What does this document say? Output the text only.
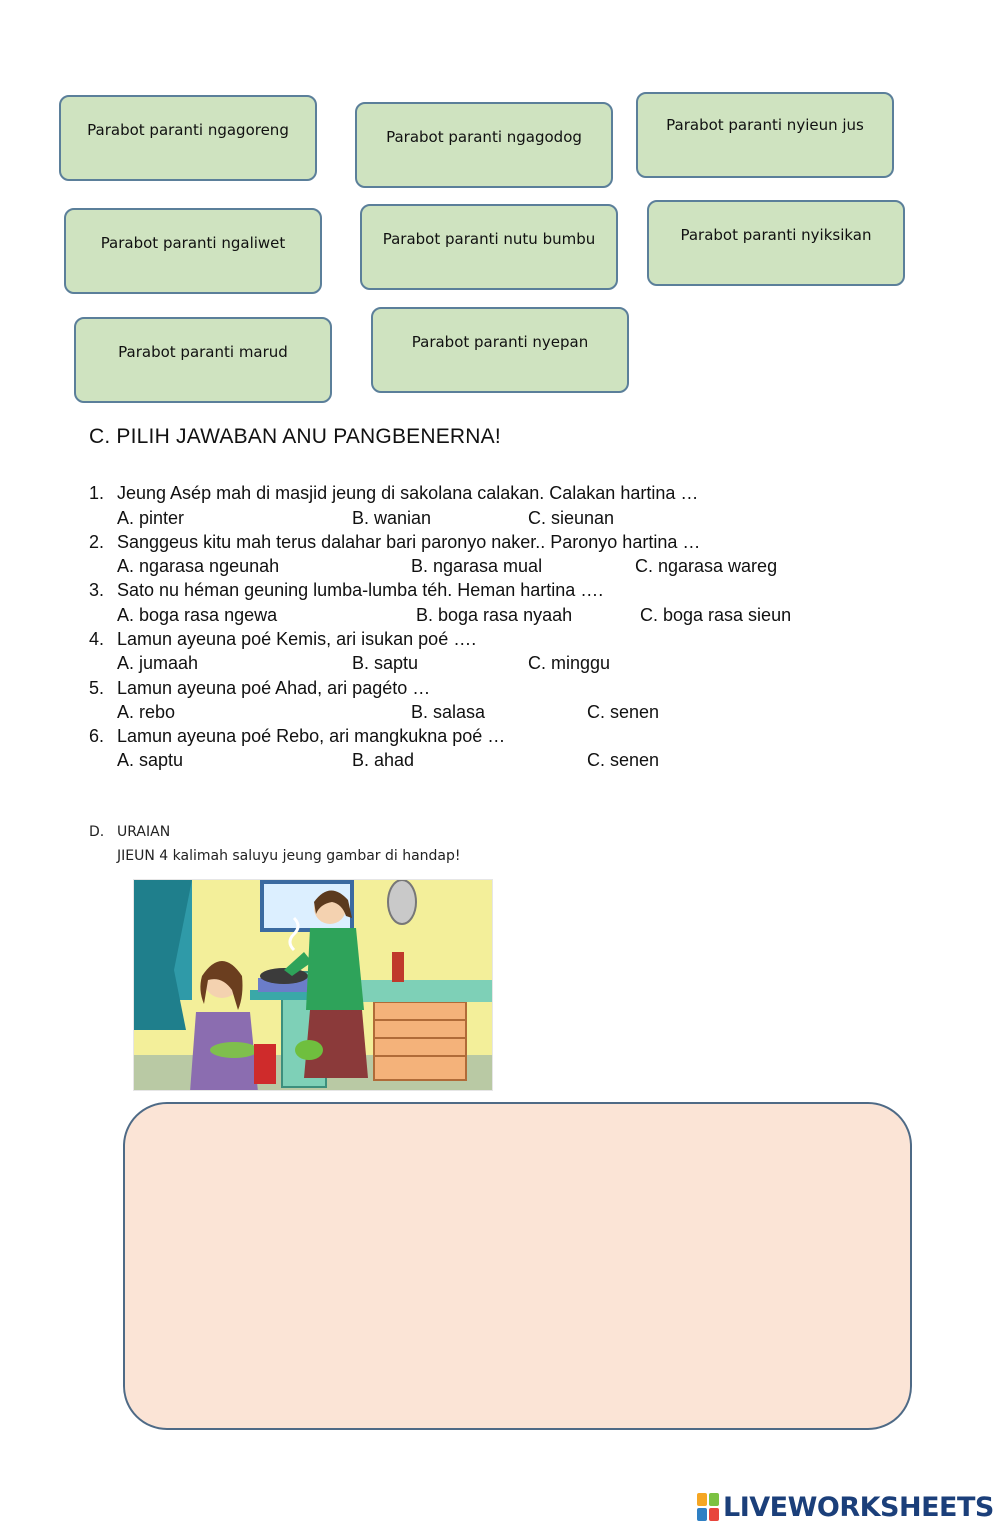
Parabot paranti ngagoreng	Parabot paranti ngagodog
Parabot paranti nyieun jus
Parabot paranti ngaliwet	Parabot paranti nutu bumbu	Parabot paranti nyiksikan
Parabot paranti marud
Parabot paranti nyepan
C. PILIH JAWABAN ANU PANGBENERNA!
1. Jeung Asép mah di masjid jeung di sakolana calakan. Calakan hartina …
A. pinter	B. wanian	C. sieunan
2. Sanggeus kitu mah terus dalahar bari paronyo naker.. Paronyo hartina …
A. ngarasa ngeunah	B. ngarasa mual	C. ngarasa wareg
3. Sato nu héman geuning lumba-lumba téh. Heman hartina ….
A. boga rasa ngewa	B. boga rasa nyaah	C. boga rasa sieun
4. Lamun ayeuna poé Kemis, ari isukan poé ….
A. jumaah	B. saptu	C. minggu
5. Lamun ayeuna poé Ahad, ari pagéto …
A. rebo	B. salasa	C. senen
6. Lamun ayeuna poé Rebo, ari mangkukna poé …
A. saptu	B. ahad	C. senen
D. URAIAN
JIEUN 4 kalimah saluyu jeung gambar di handap!
LIVEWORKSHEETS
